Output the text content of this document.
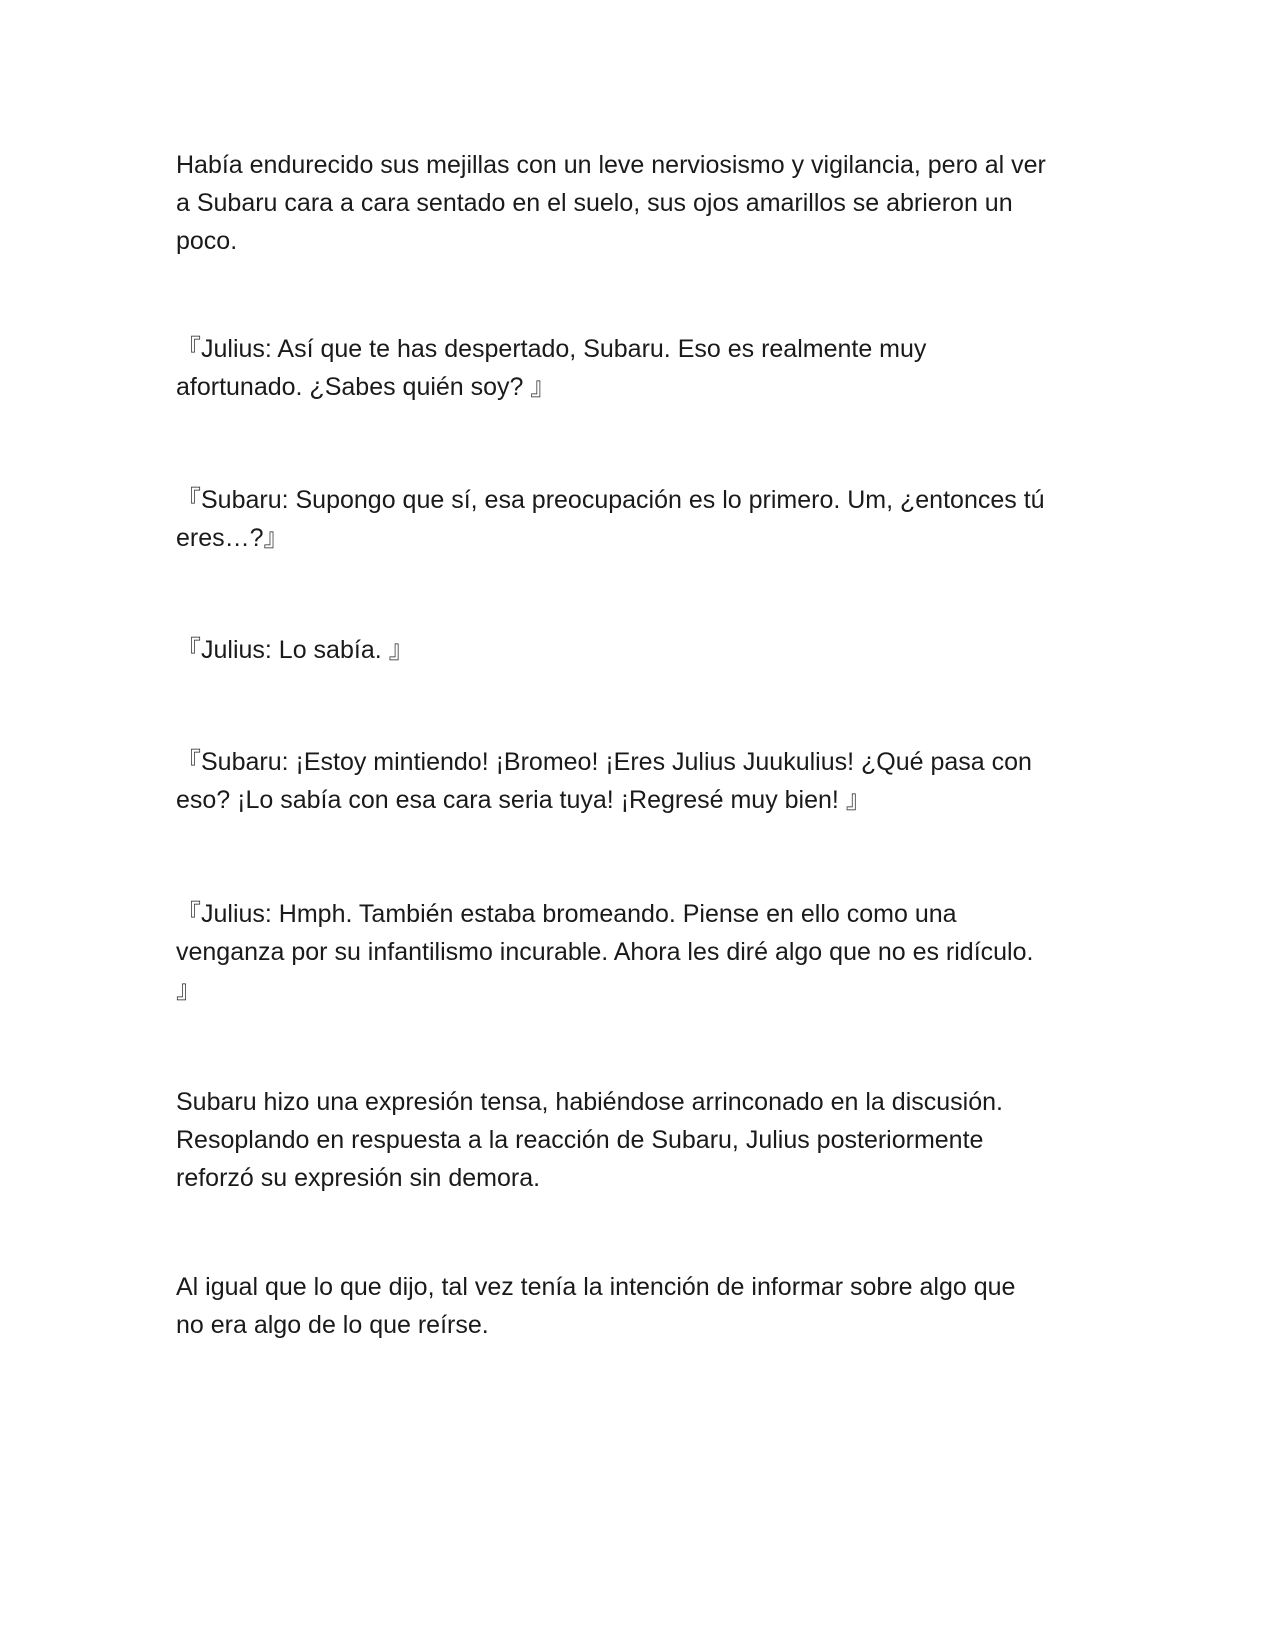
Había endurecido sus mejillas con un leve nerviosismo y vigilancia, pero al ver
a Subaru cara a cara sentado en el suelo, sus ojos amarillos se abrieron un
poco.

『Julius: Así que te has despertado, Subaru. Eso es realmente muy
afortunado. ¿Sabes quién soy? 』

『Subaru: Supongo que sí, esa preocupación es lo primero. Um, ¿entonces tú
eres…?』

『Julius: Lo sabía. 』

『Subaru: ¡Estoy mintiendo! ¡Bromeo! ¡Eres Julius Juukulius! ¿Qué pasa con
eso? ¡Lo sabía con esa cara seria tuya! ¡Regresé muy bien! 』

『Julius: Hmph. También estaba bromeando. Piense en ello como una
venganza por su infantilismo incurable. Ahora les diré algo que no es ridículo.
』

Subaru hizo una expresión tensa, habiéndose arrinconado en la discusión.
Resoplando en respuesta a la reacción de Subaru, Julius posteriormente
reforzó su expresión sin demora.

Al igual que lo que dijo, tal vez tenía la intención de informar sobre algo que
no era algo de lo que reírse.
